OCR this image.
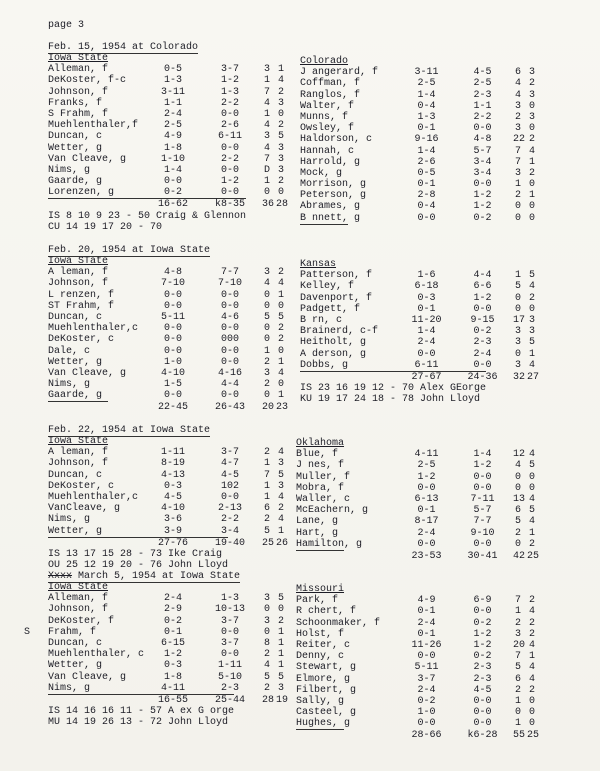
page 3
S
Feb. 15, 1954 at Colorado
Iowa State
Alleman, f	0-5	3-7	3 1
DeKoster, f-c	1-3	1-2	1 4
Johnson, f	3-11	1-3	7 2
Franks, f	1-1	2-2	4 3
S Frahm, f	2-4	0-0	1 0
Muehlenthaler,f	2-5	2-6	4 2
Duncan, c	4-9	6-11	3 5
Wetter, g	1-8	0-0	4 3
Van Cleave, g	1-10	2-2	7 3
Nims, g	1-4	0-0	D 3
Gaarde, g	0-0	1-2	1 2
Lorenzen, g	0-2	0-0	0 0
16-62	k8-35	36 28
IS 8 10 9 23 - 50 Craig & Glennon
CU 14 19 17 20 - 70
Colorado
J angerard, f	3-11	4-5	6 3
Coffman, f	2-5	2-5	4 2
Ranglos, f	1-4	2-3	4 3
Walter, f	0-4	1-1	3 0
Munns, f	1-3	2-2	2 3
Owsley, f	0-1	0-0	3 0
Haldorson, c	9-16	4-8	22 2
Hannah, c	1-4	5-7	7 4
Harrold, g	2-6	3-4	7 1
Mock, g	0-5	3-4	3 2
Morrison, g	0-1	0-0	1 0
Peterson, g	2-8	1-2	2 1
Abrames, g	0-4	1-2	0 0
B nnett, g	0-0	0-2	0 0
Feb. 20, 1954 at Iowa State
Iowa STate
A leman, f	4-8	7-7	3 2
Johnson, f	7-10	7-10	4 4
L renzen, f	0-0	0-0	0 1
ST Frahm, f	0-0	0-0	0 0
Duncan, c	5-11	4-6	5 5
Muehlenthaler,c	0-0	0-0	0 2
DeKoster, c	0-0	000	0 2
Dale, c	0-0	0-0	1 0
Wetter, g	1-0	0-0	2 1
Van Cleave, g	4-10	4-16	3 4
Nims, g	1-5	4-4	2 0
Gaarde, g	0-0	0-0	0 1
22-45	26-43	20 23
Kansas
Patterson, f	1-6	4-4	1 5
Kelley, f	6-18	6-6	5 4
Davenport, f	0-3	1-2	0 2
Padgett, f	0-1	0-0	0 0
B rn, c	11-20	9-15	17 3
Brainerd, c-f	1-4	0-2	3 3
Heitholt, g	2-4	2-3	3 5
A derson, g	0-0	2-4	0 1
Dobbs, g	6-11	0-0	3 4
27-67	24-36	32 27
IS 23 16 19 12 - 70 Alex GEorge
KU 19 17 24 18 - 78 John Lloyd
Feb. 22, 1954 at Iowa State
Iowa State
A leman, f	1-11	3-7	2 4
Johnson, f	8-19	4-7	1 3
Duncan, c	4-13	4-5	7 5
DeKoster, c	0-3	102	1 3
Muehlenthaler,c	4-5	0-0	1 4
VanCleave, g	4-10	2-13	6 2
Nims, g	3-6	2-2	2 4
Wetter, g	3-9	3-4	5 1
27-76	19-40	25 26
IS 13 17 15 28 - 73 Ike Craig
OU 25 12 19 20 - 76 John Lloyd
Oklahoma
Blue, f	4-11	1-4	12 4
J nes, f	2-5	1-2	4 5
Muller, f	1-2	0-0	0 0
Mobra, f	0-0	0-0	0 0
Waller, c	6-13	7-11	13 4
McEachern, g	0-1	5-7	6 5
Lane, g	8-17	7-7	5 4
Hart, g	2-4	9-10	2 1
Hamilton, g	0-0	0-0	0 2
23-53	30-41	42 25
Xxxx March 5, 1954 at Iowa State
Iowa State
Alleman, f	2-4	1-3	3 5
Johnson, f	2-9	10-13	0 0
DeKoster, f	0-2	3-7	3 2
Frahm, f	0-1	0-0	0 1
Duncan, c	6-15	3-7	8 1
Muehlenthaler, c	1-2	0-0	2 1
Wetter, g	0-3	1-11	4 1
Van Cleave, g	1-8	5-10	5 5
Nims, g	4-11	2-3	2 3
16-55	25-44	28 19
IS 14 16 16 11 - 57 A ex G orge
MU 14 19 26 13 - 72 John Lloyd
Missouri
Park, f	4-9	6-9	7 2
R chert, f	0-1	0-0	1 4
Schoonmaker, f	2-4	0-2	2 2
Holst, f	0-1	1-2	3 2
Reiter, c	11-26	1-2	20 4
Denny, c	0-0	0-2	7 1
Stewart, g	5-11	2-3	5 4
Elmore, g	3-7	2-3	6 4
Filbert, g	2-4	4-5	2 2
Sally, g	0-2	0-0	1 0
Casteel, g	1-0	0-0	0 0
Hughes, g	0-0	0-0	1 0
28-66	k6-28	55 25
